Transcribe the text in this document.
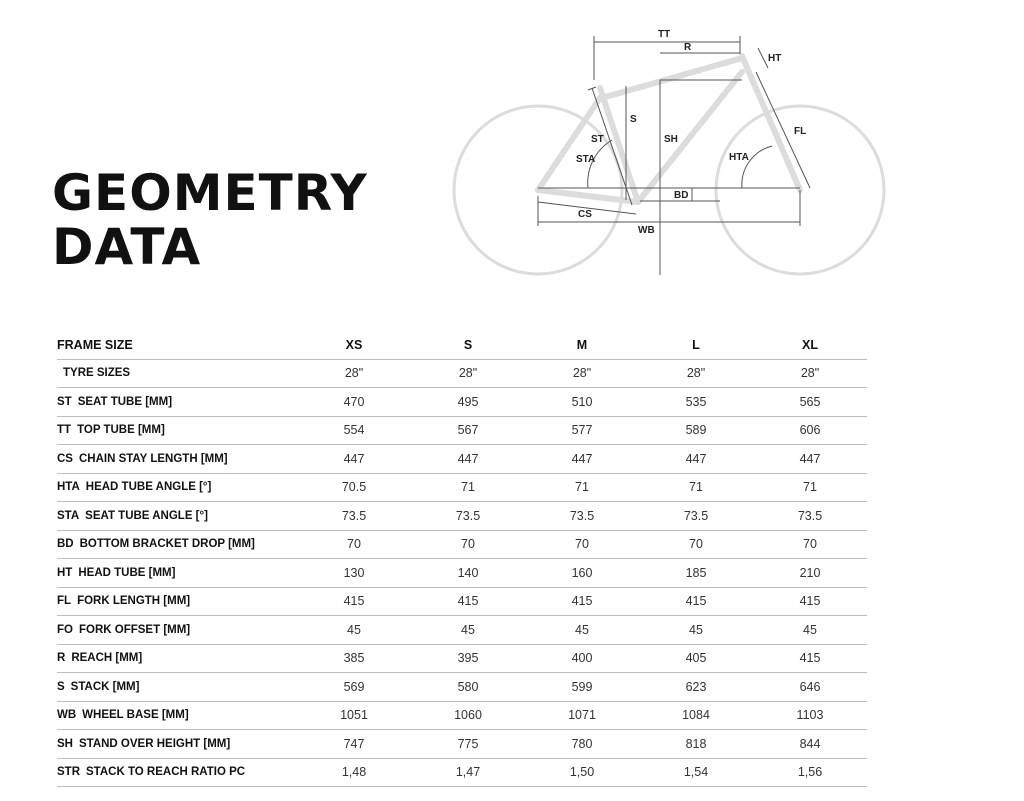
GEOMETRY
DATA
TT
R
HT
S
ST	SH
FL
STA	HTA
BD
CS
WB
FRAME SIZE	XS	S	M	L	XL
TYRE SIZES	28"	28"	28"	28"	28"
ST SEAT TUBE [MM]	470	495	510	535	565
TT TOP TUBE [MM]	554	567	577	589	606
CS CHAIN STAY LENGTH [MM]	447	447	447	447	447
HTA HEAD TUBE ANGLE [°]	70.5	71	71	71	71
STA SEAT TUBE ANGLE [°]	73.5	73.5	73.5	73.5	73.5
BD BOTTOM BRACKET DROP [MM]	70	70	70	70	70
HT HEAD TUBE [MM]	130	140	160	185	210
FL FORK LENGTH [MM]	415	415	415	415	415
FO FORK OFFSET [MM]	45	45	45	45	45
R REACH [MM]	385	395	400	405	415
S STACK [MM]	569	580	599	623	646
WB WHEEL BASE [MM]	1051	1060	1071	1084	1103
SH STAND OVER HEIGHT [MM]	747	775	780	818	844
STR STACK TO REACH RATIO PC	1,48	1,47	1,50	1,54	1,56
